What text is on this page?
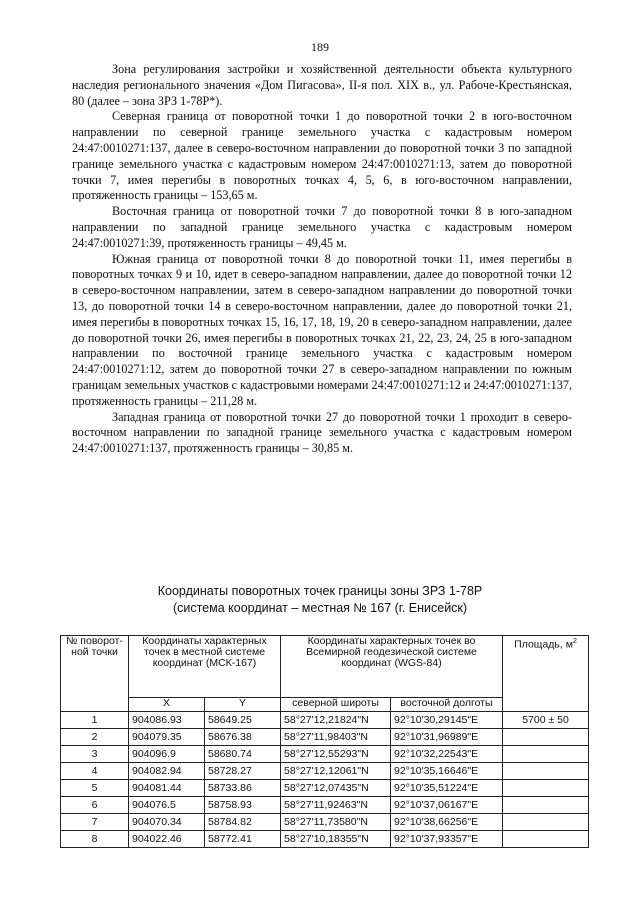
189

Зона регулирования застройки и хозяйственной деятельности объекта культурного наследия регионального значения «Дом Пигасова», II-я пол. XIX в., ул. Рабоче-Крестьянская, 80 (далее – зона ЗРЗ 1-78Р*).

Северная граница от поворотной точки 1 до поворотной точки 2 в юго-восточном направлении по северной границе земельного участка с кадастровым номером 24:47:0010271:137, далее в северо-восточном направлении до поворотной точки 3 по западной границе земельного участка с кадастровым номером 24:47:0010271:13, затем до поворотной точки 7, имея перегибы в поворотных точках 4, 5, 6, в юго-восточном направлении, протяженность границы – 153,65 м.

Восточная граница от поворотной точки 7 до поворотной точки 8 в юго-западном направлении по западной границе земельного участка с кадастровым номером 24:47:0010271:39, протяженность границы – 49,45 м.

Южная граница от поворотной точки 8 до поворотной точки 11, имея перегибы в поворотных точках 9 и 10, идет в северо-западном направлении, далее до поворотной точки 12 в северо-восточном направлении, затем в северо-западном направлении до поворотной точки 13, до поворотной точки 14 в северо-восточном направлении, далее до поворотной точки 21, имея перегибы в поворотных точках 15, 16, 17, 18, 19, 20 в северо-западном направлении, далее до поворотной точки 26, имея перегибы в поворотных точках 21, 22, 23, 24, 25 в юго-западном направлении по восточной границе земельного участка с кадастровым номером 24:47:0010271:12, затем до поворотной точки 27 в северо-западном направлении по южным границам земельных участков с кадастровыми номерами 24:47:0010271:12 и 24:47:0010271:137, протяженность границы – 211,28 м.

Западная граница от поворотной точки 27 до поворотной точки 1 проходит в северо-восточном направлении по западной границе земельного участка с кадастровым номером 24:47:0010271:137, протяженность границы – 30,85 м.

Координаты поворотных точек границы зоны ЗРЗ 1-78Р
(система координат – местная № 167 (г. Енисейск)
№ поворот-ной точки	Координаты характерных точек в местной системе координат (МСК-167)		Координаты характерных точек во Всемирной геодезической системе координат (WGS-84)		Площадь, $м^2$
	X	Y	северной широты	восточной долготы	
1	904086.93	58649.25	58°27'12,21824"N	92°10'30,29145"E	5700 ± 50
2	904079.35	58676.38	58°27'11,98403"N	92°10'31,96989"E	
3	904096.9	58680.74	58°27'12,55293"N	92°10'32,22543"E	
4	904082.94	58728.27	58°27'12,12061"N	92°10'35,16646"E	
5	904081.44	58733.86	58°27'12,07435"N	92°10'35,51224"E	
6	904076.5	58758.93	58°27'11,92463"N	92°10'37,06167"E	
7	904070.34	58784.82	58°27'11,73580"N	92°10'38,66256"E	
8	904022.46	58772.41	58°27'10,18355"N	92°10'37,93357"E	
